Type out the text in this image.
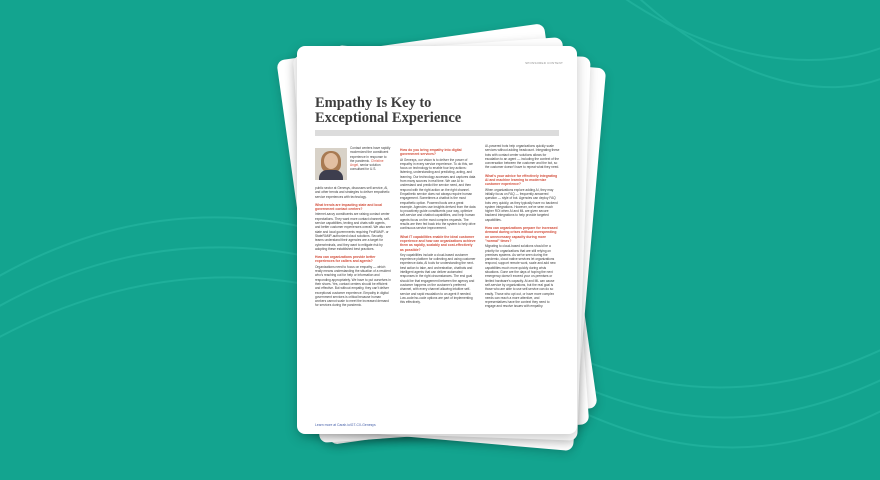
SPONSORED CONTENT
Empathy Is Key to
Exceptional Experience
Contact centers have rapidly modernized the constituent experience in response to the pandemic. Christine Angel, senior solution consultant for U.S.

public sector at Genesys, discusses self-service, AI, and other trends and strategies to deliver empathetic service experiences with technology.

What trends are impacting state and local government contact centers?

Internet-savvy constituents are raising contact center expectations. They want more contact channels, self-service capabilities, texting and chats with agents, and better customer experiences overall. We also see state and local governments requiring FedRAMP- or StateRAMP-authorized cloud solutions. Security teams understand their agencies are a target for cybercriminals, and they want to mitigate risk by adopting these established best practices.

How can organizations provide better experiences for callers and agents?

Organizations need to focus on empathy — which really means understanding the situation of a resident who's reaching out for help or information and responding appropriately. We have to put ourselves in their shoes. Yes, contact centers should be efficient and effective. But without empathy, they can't deliver exceptional customer experience. Empathy in digital government services is critical because human workers cannot scale to meet the increased demand for services during the pandemic.

How do you bring empathy into digital government services?

At Genesys, our vision is to deliver the power of empathy in every service experience. To do this, we focus on technology to enable four key actions: listening, understanding and predicting, acting, and learning. Our technology accesses and captures data from many sources in real time. We use AI to understand and predict the service need, and then respond with the right action on the right channel. Empathetic service does not always require human engagement. Sometimes a chatbot is the most empathetic option. Powered tools are a great example. Agencies use insights derived from the data to proactively guide constituents your way, optimize self-service and chatbot capabilities, and help human agents focus on the most complex requests. The results are then fed back into the system to help drive continuous service improvement.

What IT capabilities enable the ideal customer experience and how can organizations achieve them as rapidly, scalably and cost-effectively as possible?

Key capabilities include a cloud-based customer experience platform for collecting and using customer experience data, AI tools for understanding the next-best action to take, and orchestration, chatbots and intelligent agents that can deliver automated responses in the right circumstances. The end goal should be that engagement between the agency and customer happens on the customer's preferred channel, with every channel allowing intuitive self-service and rapid escalation to an agent if needed. Low-code/no-code options are part of implementing this effectively.

AI-powered bots help organizations quickly scale services without adding headcount. Integrating these bots with contact center solutions allows for escalation to an agent — including the context of the conversation between the customer and the bot, so the customer doesn't have to repeat what they need.

What's your advice for effectively integrating AI and machine learning to modernize customer experience?

When organizations explore adding AI, they may initially focus on FAQ — frequently answered question — style of bot. Agencies can deploy FAQ bots very quickly, as they typically have no backend system integrations. However, we've seen much higher ROI when AI and ML are given secure backend integrations to help provide targeted capabilities.

How can organizations prepare for increased demand during crises without overspending on unnecessary capacity during more "normal" times?

Migrating to cloud-based solutions should be a priority for organizations that are still relying on premises systems. As we've seen during the pandemic, cloud native services let organizations respond, support remote work, scale and add new capabilities much more quickly during crisis situations. Gone are the days of hoping the next emergency doesn't exceed your on-premises or limited hardware's capacity. At and ML can cause self-service by organizations, but the real goal is those who are able to use self-service can do so easily. Those who opt out, or have more complex needs can reach a more attentive, and representatives have the context they need to engage and resolve issues with empathy.

Learn more at Carah.io/GT-CX-Genesys
